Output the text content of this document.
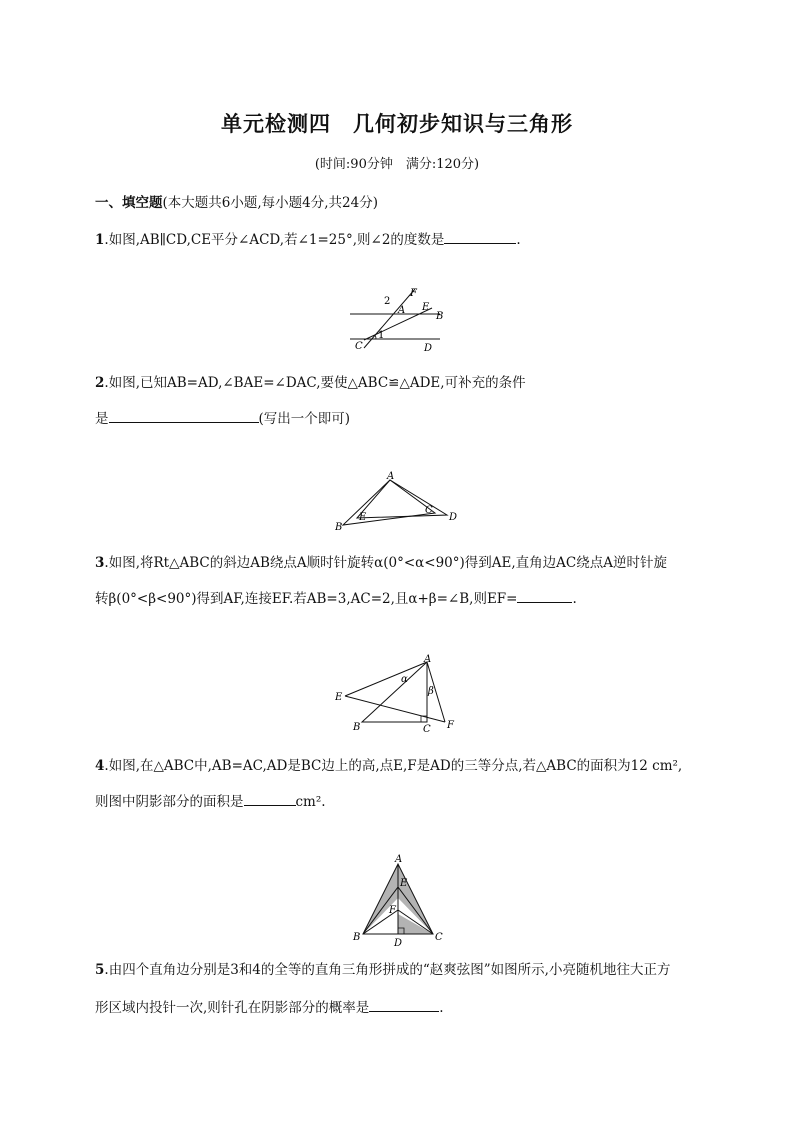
单元检测四　几何初步知识与三角形
(时间:90分钟　满分:120分)
一、填空题(本大题共6小题,每小题4分,共24分)
1.如图,AB∥CD,CE平分∠ACD,若∠1=25°,则∠2的度数是	.
F
2
E
A
B
C
1
D
2.如图,已知AB=AD,∠BAE=∠DAC,要使△ABC≌△ADE,可补充的条件
是	(写出一个即可)
A
E
C
B
D
3.如图,将Rt△ABC的斜边AB绕点A顺时针旋转α(0°<α<90°)得到AE,直角边AC绕点A逆时针旋
转β(0°<β<90°)得到AF,连接EF.若AB=3,AC=2,且α+β=∠B,则EF=	.
A
α
β
E
B	C F
4.如图,在△ABC中,AB=AC,AD是BC边上的高,点E,F是AD的三等分点,若△ABC的面积为12 cm²,
则图中阴影部分的面积是	cm².
A
E
F
B
D
C
5.由四个直角边分别是3和4的全等的直角三角形拼成的“赵爽弦图”如图所示,小亮随机地往大正方
形区域内投针一次,则针孔在阴影部分的概率是	.
